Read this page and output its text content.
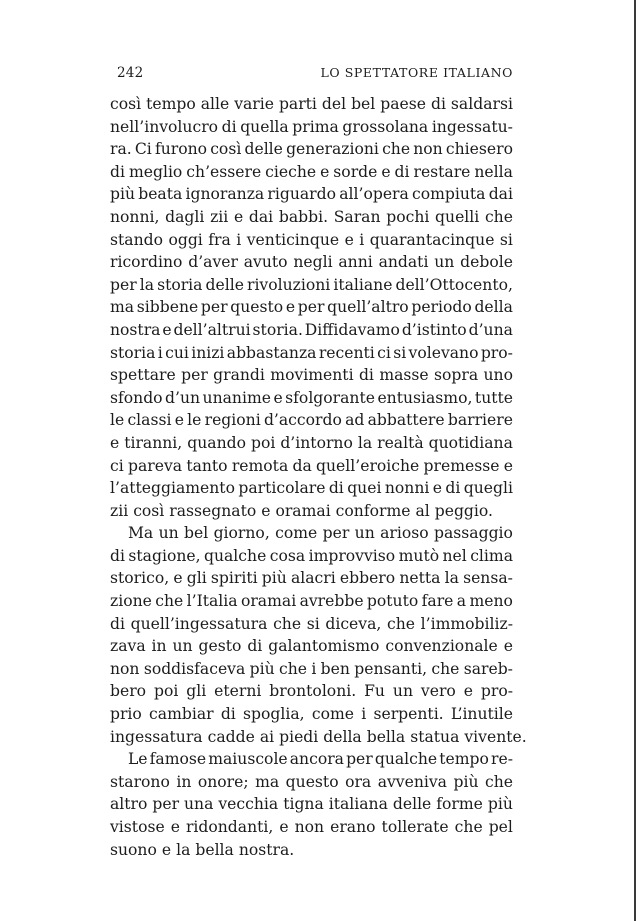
242	LO SPETTATORE ITALIANO
così tempo alle varie parti del bel paese di saldarsi
nell’involucro di quella prima grossolana ingessatu-
ra. Ci furono così delle generazioni che non chiesero
di meglio ch’essere cieche e sorde e di restare nella
più beata ignoranza riguardo all’opera compiuta dai
nonni, dagli zii e dai babbi. Saran pochi quelli che
stando oggi fra i venticinque e i quarantacinque si
ricordino d’aver avuto negli anni andati un debole
per la storia delle rivoluzioni italiane dell’Ottocento,
ma sibbene per questo e per quell’altro periodo della
nostra e dell’altrui storia. Diffidavamo d’istinto d’una
storia i cui inizi abbastanza recenti ci si volevano pro-
spettare per grandi movimenti di masse sopra uno
sfondo d’un unanime e sfolgorante entusiasmo, tutte
le classi e le regioni d’accordo ad abbattere barriere
e tiranni, quando poi d’intorno la realtà quotidiana
ci pareva tanto remota da quell’eroiche premesse e
l’atteggiamento particolare di quei nonni e di quegli
zii così rassegnato e oramai conforme al peggio.
Ma un bel giorno, come per un arioso passaggio
di stagione, qualche cosa improvviso mutò nel clima
storico, e gli spiriti più alacri ebbero netta la sensa-
zione che l’Italia oramai avrebbe potuto fare a meno
di quell’ingessatura che si diceva, che l’immobiliz-
zava in un gesto di galantomismo convenzionale e
non soddisfaceva più che i ben pensanti, che sareb-
bero poi gli eterni brontoloni. Fu un vero e pro-
prio cambiar di spoglia, come i serpenti. L’inutile
ingessatura cadde ai piedi della bella statua vivente.
Le famose maiuscole ancora per qualche tempo re-
starono in onore; ma questo ora avveniva più che
altro per una vecchia tigna italiana delle forme più
vistose e ridondanti, e non erano tollerate che pel
suono e la bella nostra.
